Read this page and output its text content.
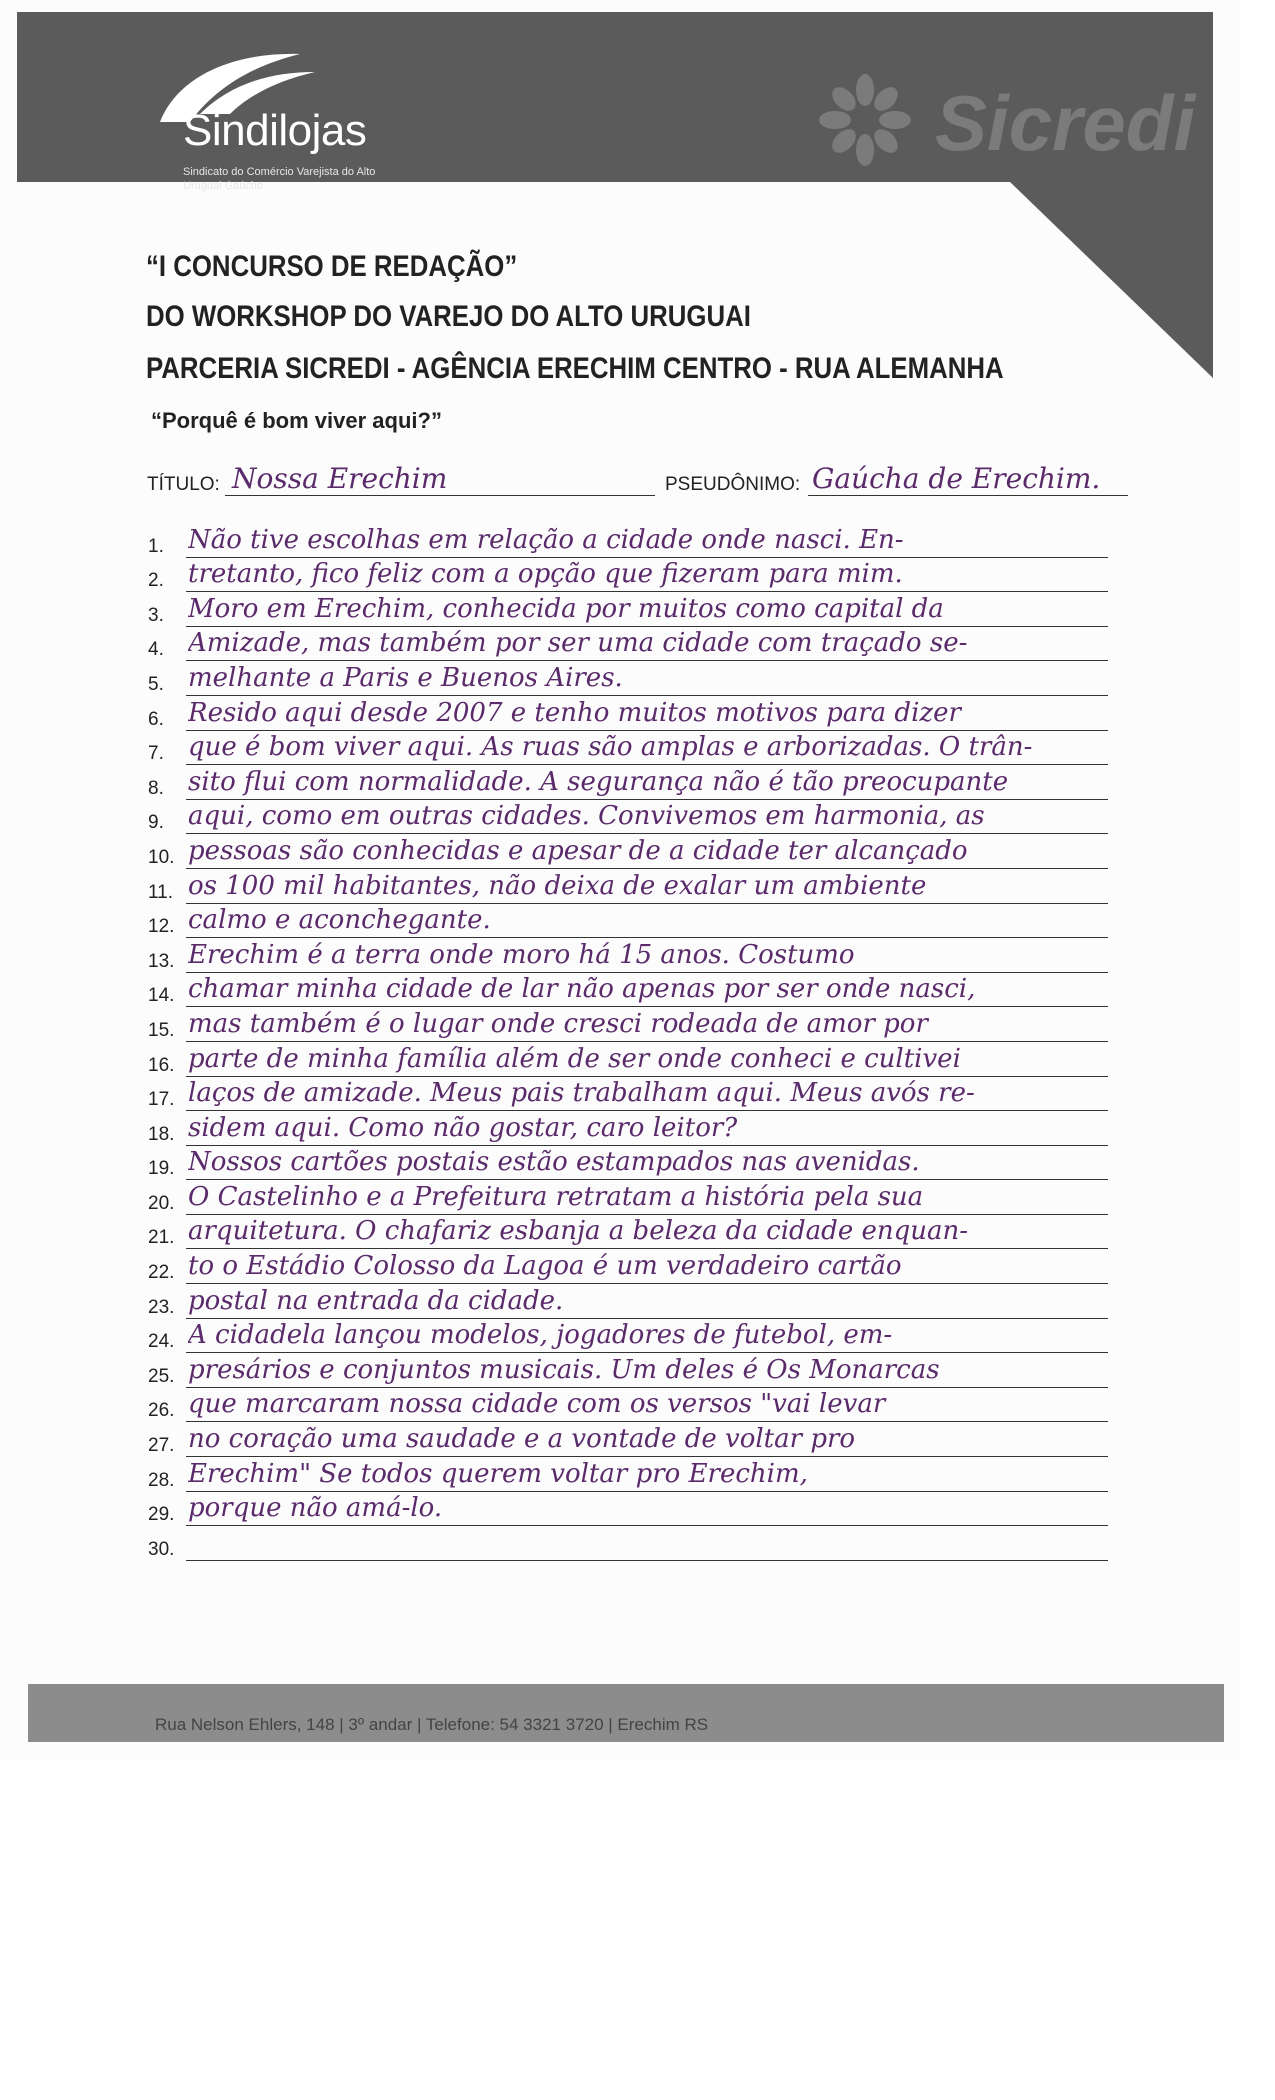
Sindilojas
Sindicato do Comércio Varejista do Alto Uruguai Gaúcho
Sicredi
“I CONCURSO DE REDAÇÃO”
DO WORKSHOP DO VAREJO DO ALTO URUGUAI
PARCERIA SICREDI - AGÊNCIA ERECHIM CENTRO - RUA ALEMANHA
“Porquê é bom viver aqui?”
TÍTULO: Nossa Erechim	PSEUDÔNIMO: Gaúcha de Erechim.
1. Não tive escolhas em relação a cidade onde nasci. En-
2. tretanto, fico feliz com a opção que fizeram para mim.
3. Moro em Erechim, conhecida por muitos como capital da
4. Amizade, mas também por ser uma cidade com traçado se-
5. melhante a Paris e Buenos Aires.
6. Resido aqui desde 2007 e tenho muitos motivos para dizer
7. que é bom viver aqui. As ruas são amplas e arborizadas. O trân-
8. sito flui com normalidade. A segurança não é tão preocupante
9. aqui, como em outras cidades. Convivemos em harmonia, as
10. pessoas são conhecidas e apesar de a cidade ter alcançado
11. os 100 mil habitantes, não deixa de exalar um ambiente
12. calmo e aconchegante.
13. Erechim é a terra onde moro há 15 anos. Costumo
14. chamar minha cidade de lar não apenas por ser onde nasci,
15. mas também é o lugar onde cresci rodeada de amor por
16. parte de minha família além de ser onde conheci e cultivei
17. laços de amizade. Meus pais trabalham aqui. Meus avós re-
18. sidem aqui. Como não gostar, caro leitor?
19. Nossos cartões postais estão estampados nas avenidas.
20. O Castelinho e a Prefeitura retratam a história pela sua
21. arquitetura. O chafariz esbanja a beleza da cidade enquan-
22. to o Estádio Colosso da Lagoa é um verdadeiro cartão
23. postal na entrada da cidade.
24. A cidadela lançou modelos, jogadores de futebol, em-
25. presários e conjuntos musicais. Um deles é Os Monarcas
26. que marcaram nossa cidade com os versos "vai levar
27. no coração uma saudade e a vontade de voltar pro
28. Erechim" Se todos querem voltar pro Erechim,
29. porque não amá-lo.
30.
Rua Nelson Ehlers, 148 | 3º andar | Telefone: 54 3321 3720 | Erechim RS
